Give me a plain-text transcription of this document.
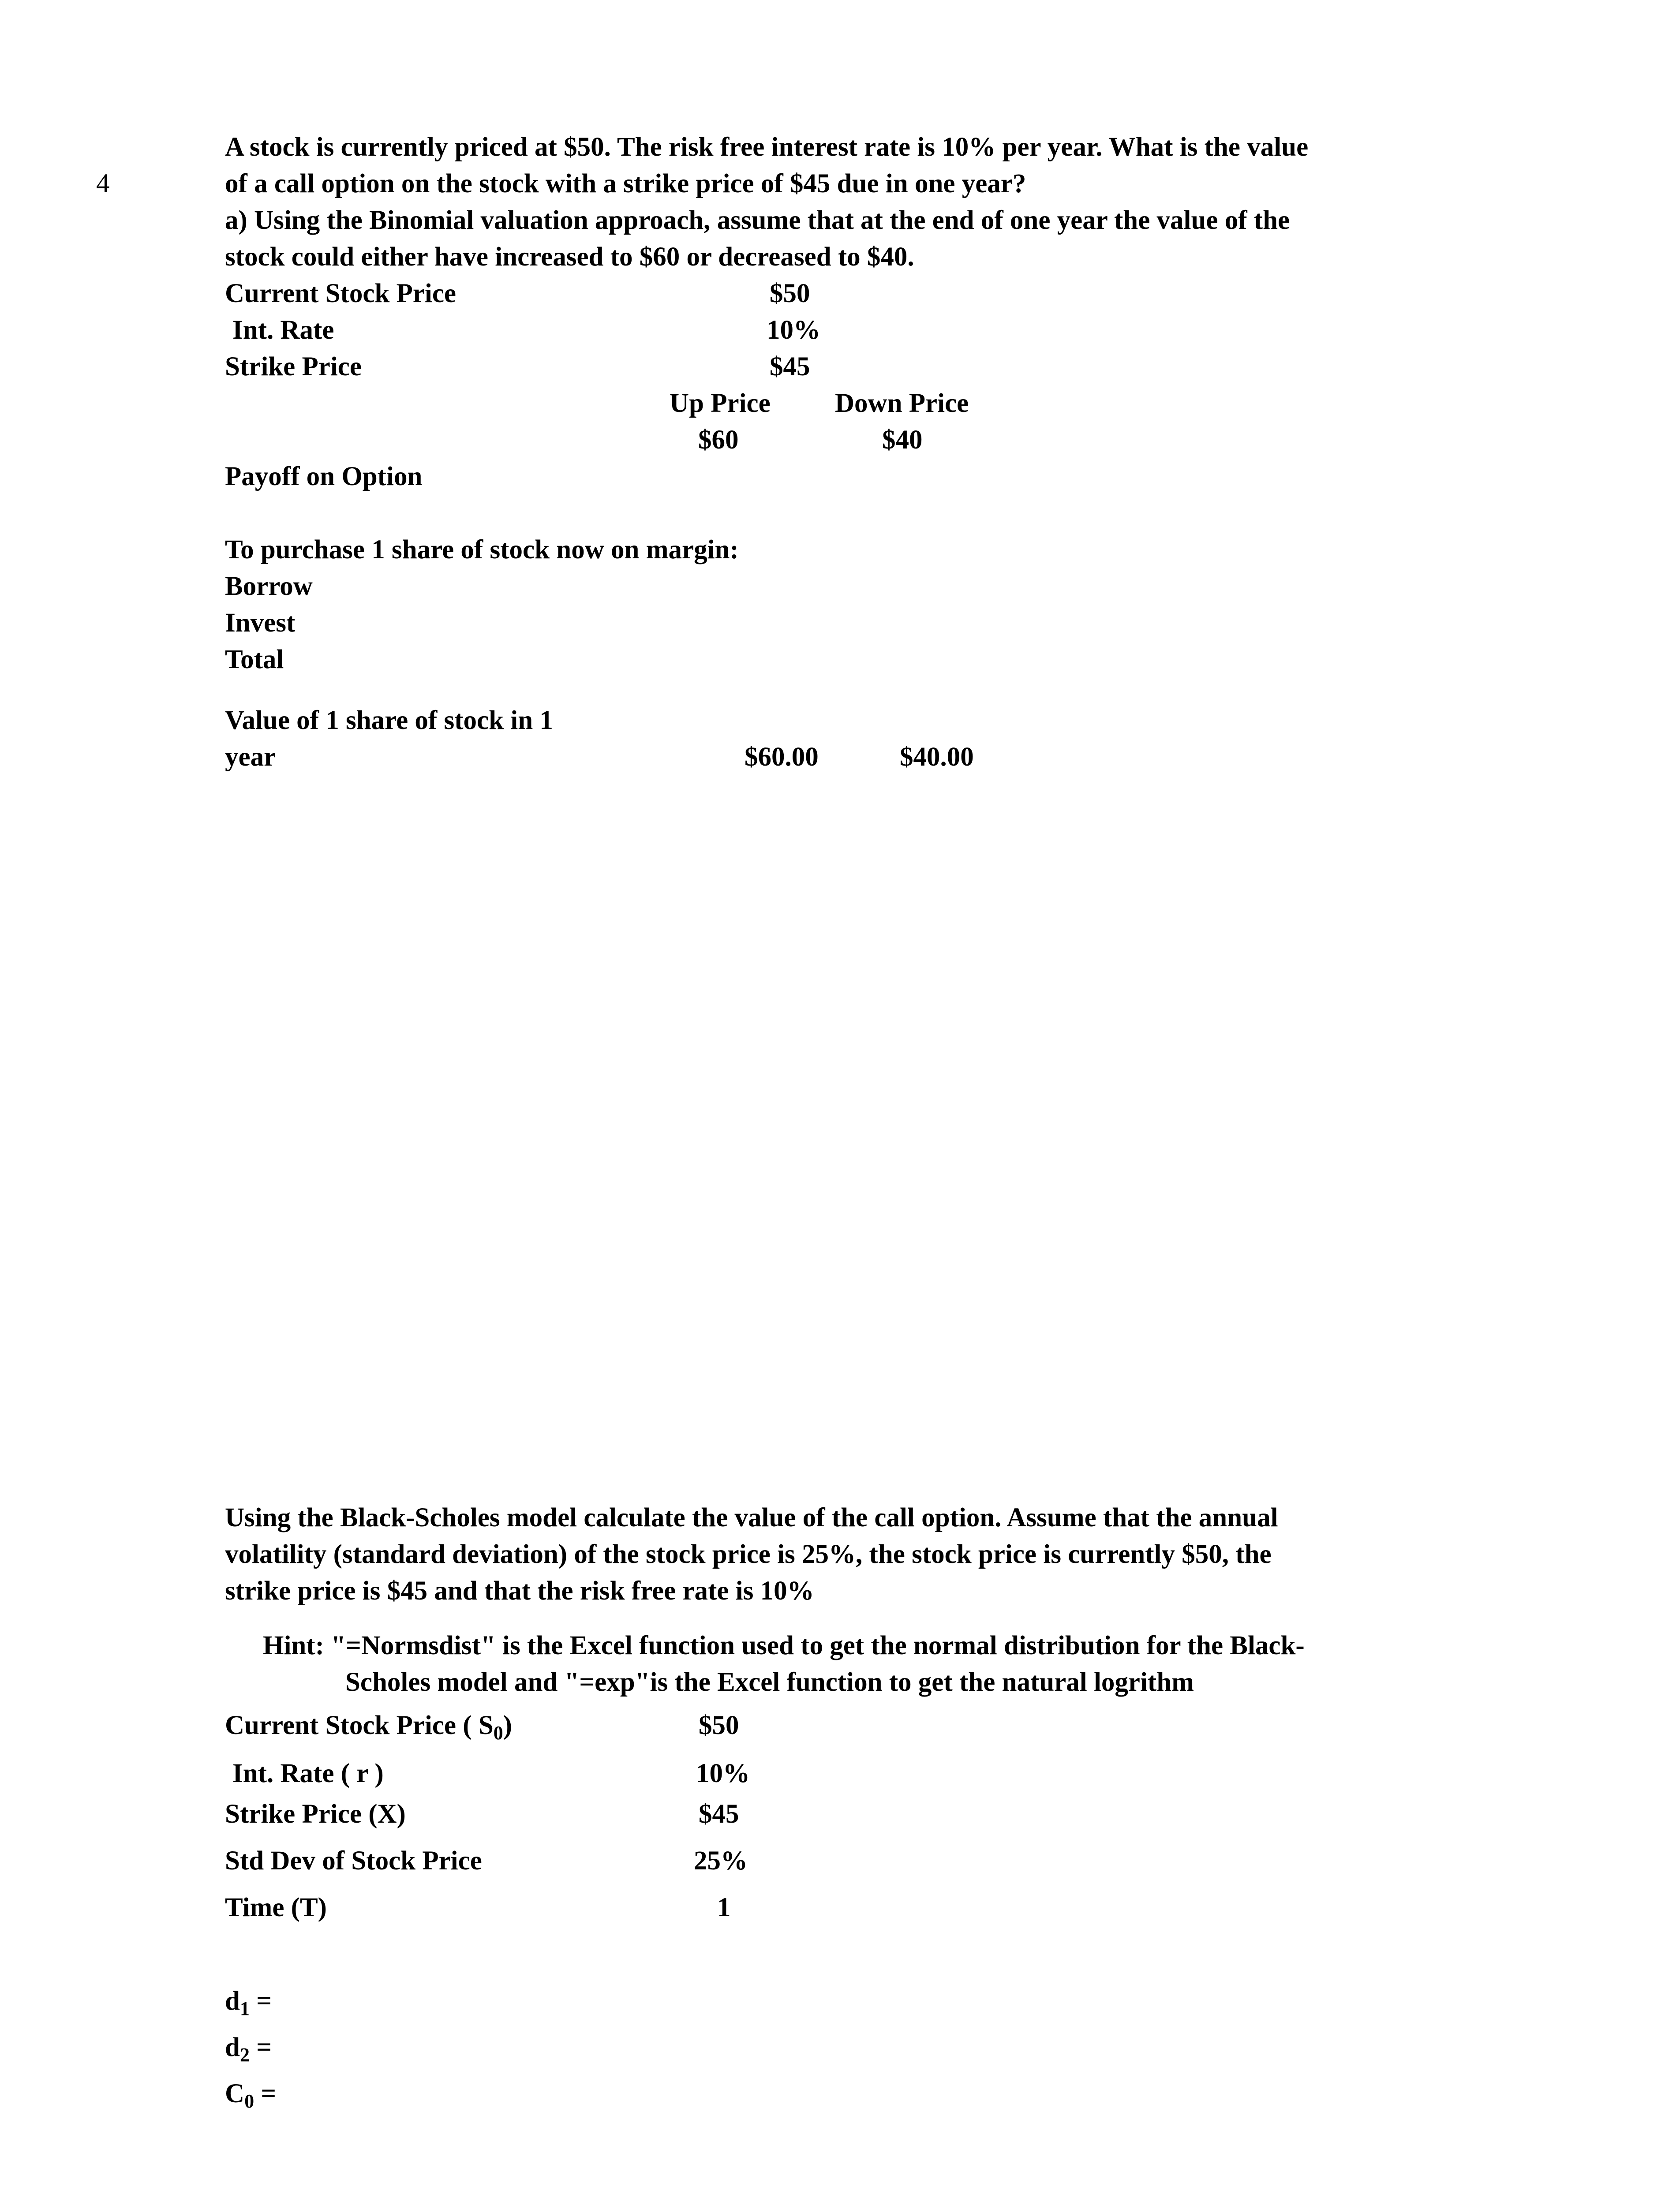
4
A stock is currently priced at $50. The risk free interest rate is 10% per year. What is the value
of a call option on the stock with a strike price of $45 due in one year?
a) Using the Binomial valuation approach, assume that at the end of one year the value of the
stock could either have increased to $60 or decreased to $40.
Current Stock Price	$50
Int. Rate	10%
Strike Price	$45
Up Price Down Price
$60	$40
Payoff on Option
To purchase 1 share of stock now on margin:
Borrow
Invest
Total
Value of 1 share of stock in 1
year	$60.00	$40.00
Using the Black-Scholes model calculate the value of the call option. Assume that the annual
volatility (standard deviation) of the stock price is 25%, the stock price is currently $50, the
strike price is $45 and that the risk free rate is 10%
Hint: "=Normsdist" is the Excel function used to get the normal distribution for the Black-
Scholes model and "=exp"is the Excel function to get the natural logrithm
Current Stock Price ( $S_0$)	$50
Int. Rate ( r )	10%
Strike Price (X)	$45
Std Dev of Stock Price	25%
Time (T)	1
$d_1$ =
$d_2$ =
$C_0$ =
